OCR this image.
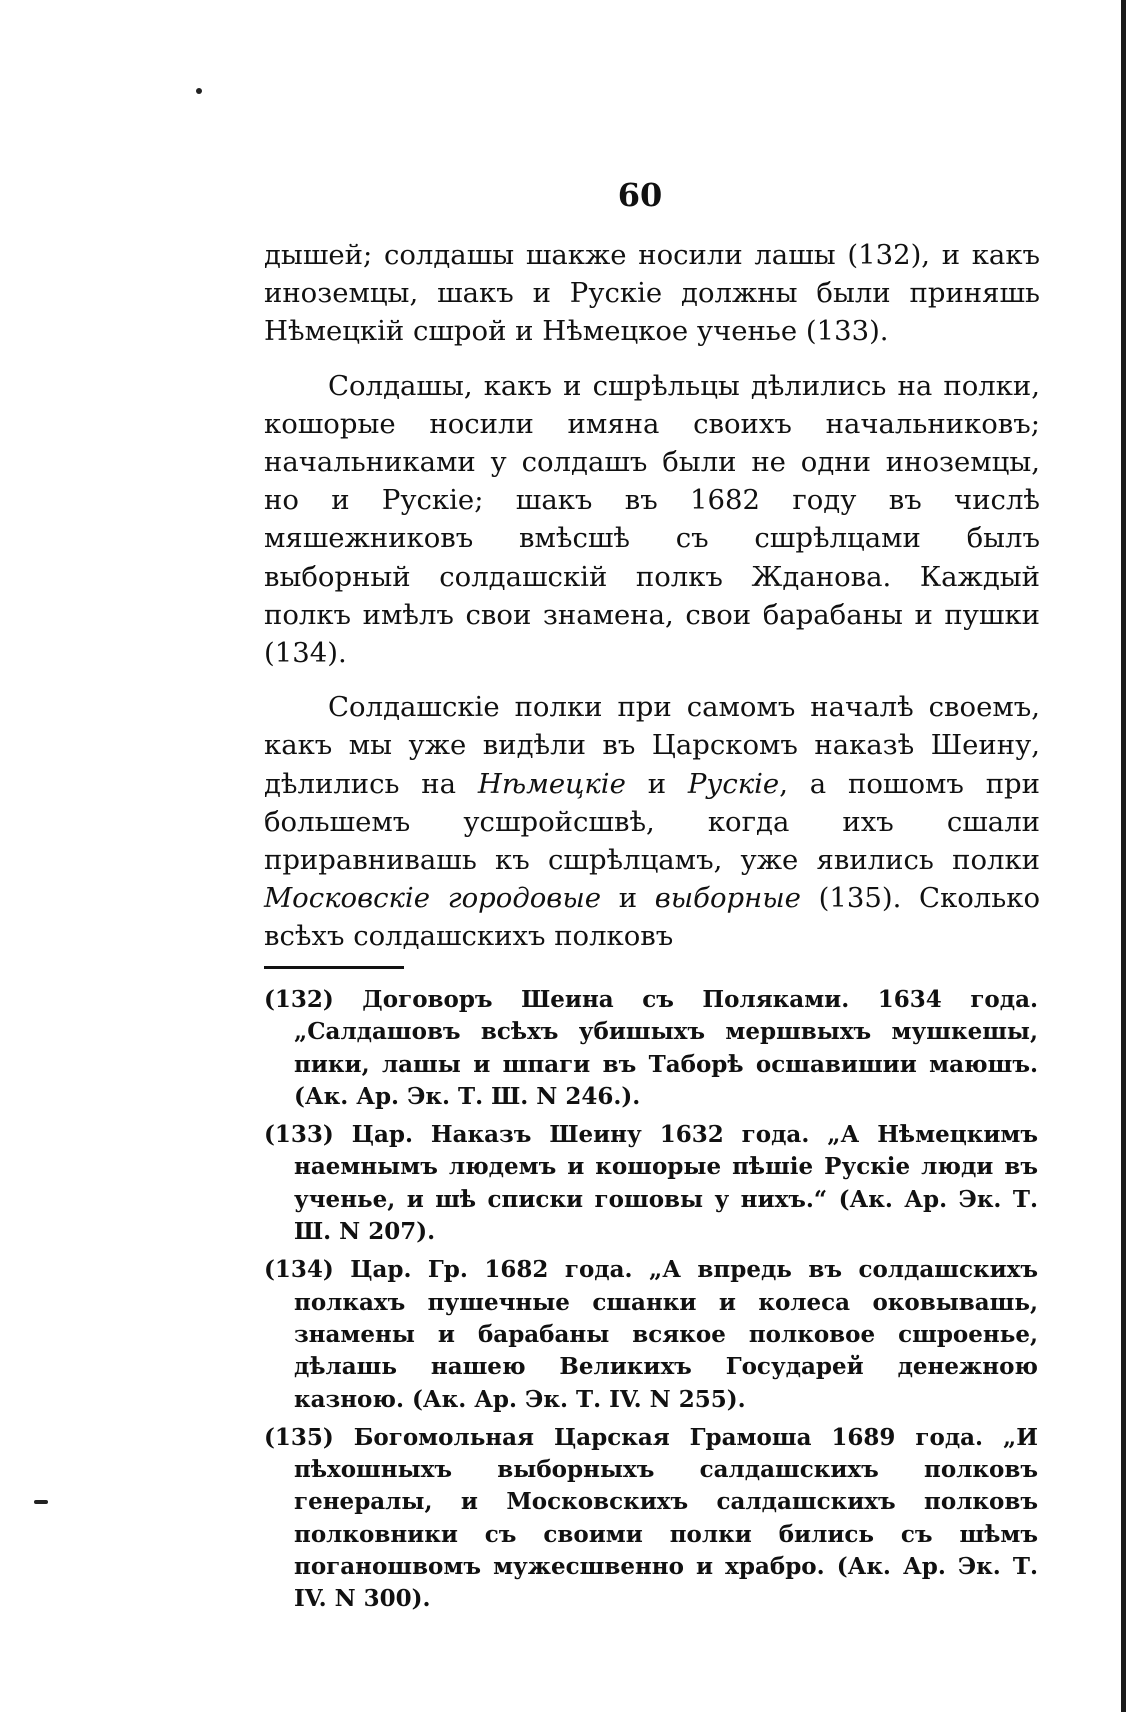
60

дышей; солдашы шакже носили лашы (132), и какъ иноземцы, шакъ и Рускіе должны были приняшь Нѣмецкій сшрой и Нѣмецкое ученье (133).

Солдашы, какъ и сшрѣльцы дѣлились на полки, кошорые носили имяна своихъ начальниковъ; начальниками у солдашъ были не одни иноземцы, но и Рускіе; шакъ въ 1682 году въ числѣ мяшежниковъ вмѣсшѣ съ сшрѣлцами былъ выборный солдашскій полкъ Жданова. Каждый полкъ имѣлъ свои знамена, свои барабаны и пушки (134).

Солдашскіе полки при самомъ началѣ своемъ, какъ мы уже видѣли въ Царскомъ наказѣ Шеину, дѣлились на Нѣмецкіе и Рускіе, а пошомъ при большемъ усшройсшвѣ, когда ихъ сшали приравнивашь къ сшрѣлцамъ, уже явились полки Московскіе городовые и выборные (135). Сколько всѣхъ солдашскихъ полковъ

(132) Договоръ Шеина съ Поляками. 1634 года. „Салдашовъ всѣхъ убишыхъ мершвыхъ мушкешы, пики, лашы и шпаги въ Таборѣ осшавишии маюшъ. (Ак. Ар. Эк. Т. Ш. N 246.).

(133) Цар. Наказъ Шеину 1632 года. „А Нѣмецкимъ наемнымъ людемъ и кошорые пѣшіе Рускіе люди въ ученье, и шѣ списки гошовы у нихъ.“ (Ак. Ар. Эк. Т. Ш. N 207).

(134) Цар. Гр. 1682 года. „А впредь въ солдашскихъ полкахъ пушечные сшанки и колеса оковывашь, знамены и барабаны всякое полковое сшроенье, дѣлашь нашею Великихъ Государей денежною казною. (Ак. Ар. Эк. Т. IV. N 255).

(135) Богомольная Царская Грамоша 1689 года. „И пѣхошныхъ выборныхъ салдашскихъ полковъ генералы, и Московскихъ салдашскихъ полковъ полковники съ своими полки бились съ шѣмъ поганошвомъ мужесшвенно и храбро. (Ак. Ар. Эк. Т. IV. N 300).
